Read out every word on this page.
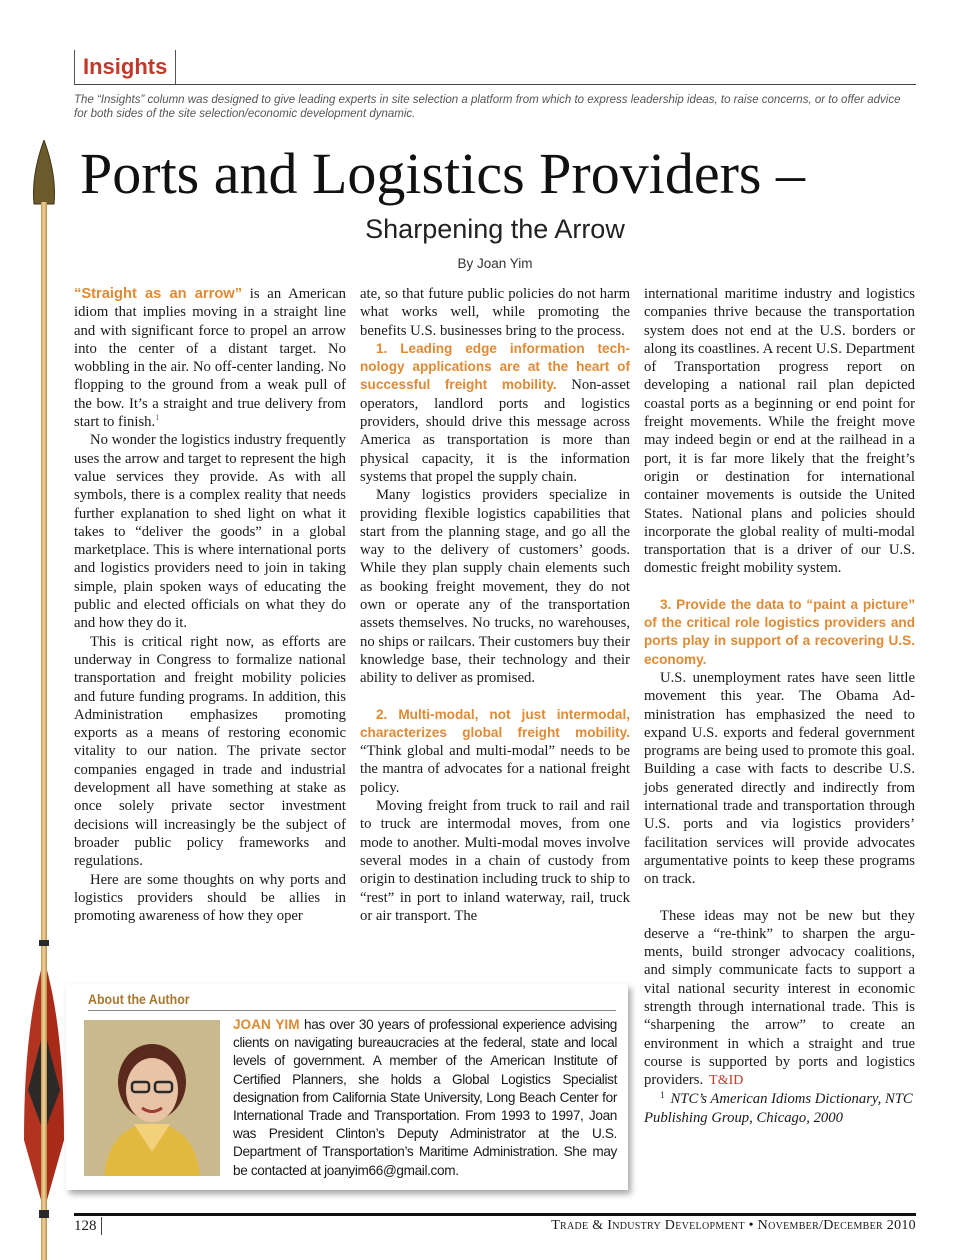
Insights

The “Insights” column was designed to give leading experts in site selection a platform from which to express leadership ideas, to raise concerns, or to offer advice for both sides of the site selection/economic development dynamic.

Ports and Logistics Providers –
Sharpening the Arrow

By Joan Yim

“Straight as an arrow” is an American idiom that implies moving in a straight line and with significant force to propel an arrow into the center of a distant target. No wobbling in the air. No off-center landing. No flopping to the ground from a weak pull of the bow. It’s a straight and true delivery from start to finish.$^1$

No wonder the logistics industry frequently uses the arrow and target to represent the high value services they provide. As with all symbols, there is a complex reality that needs further explanation to shed light on what it takes to “deliver the goods” in a global marketplace. This is where international ports and logistics providers need to join in taking simple, plain spoken ways of educating the public and elected officials on what they do and how they do it.

This is critical right now, as efforts are underway in Congress to formalize national transportation and freight mobility policies and future funding programs. In addition, this Administration emphasizes promoting exports as a means of restoring economic vitality to our nation. The private sector companies engaged in trade and industrial development all have something at stake as once solely private sector investment decisions will increasingly be the subject of broader public policy frameworks and regulations.

Here are some thoughts on why ports and logistics providers should be allies in promoting awareness of how they oper

ate, so that future public policies do not harm what works well, while promoting the benefits U.S. businesses bring to the process.

1. Leading edge information technology applications are at the heart of successful freight mobility. Non-asset operators, landlord ports and logistics providers, should drive this message across America as transportation is more than physical capacity, it is the information systems that propel the supply chain.

Many logistics providers specialize in providing flexible logistics capabilities that start from the planning stage, and go all the way to the delivery of customers’ goods. While they plan supply chain elements such as booking freight movement, they do not own or operate any of the transportation assets themselves. No trucks, no warehouses, no ships or railcars. Their customers buy their knowledge base, their technology and their ability to deliver as promised.

2. Multi-modal, not just intermodal, characterizes global freight mobility. “Think global and multi-modal” needs to be the mantra of advocates for a national freight policy.

Moving freight from truck to rail and rail to truck are intermodal moves, from one mode to another. Multi-modal moves involve several modes in a chain of custody from origin to destination including truck to ship to “rest” in port to inland waterway, rail, truck or air transport. The

international maritime industry and logistics companies thrive because the transportation system does not end at the U.S. borders or along its coastlines. A recent U.S. Department of Transportation progress report on developing a national rail plan depicted coastal ports as a beginning or end point for freight movements. While the freight move may indeed begin or end at the railhead in a port, it is far more likely that the freight’s origin or destination for international container movements is outside the United States. National plans and policies should incorporate the global reality of multi-modal transportation that is a driver of our U.S. domestic freight mobility system.

3. Provide the data to “paint a picture” of the critical role logistics providers and ports play in support of a recovering U.S. economy.

U.S. unemployment rates have seen little movement this year. The Obama Administration has emphasized the need to expand U.S. exports and federal government programs are being used to promote this goal. Building a case with facts to describe U.S. jobs generated directly and indirectly from international trade and transportation through U.S. ports and via logistics providers’ facilitation services will provide advocates argumentative points to keep these programs on track.

These ideas may not be new but they deserve a “re-think” to sharpen the arguments, build stronger advocacy coalitions, and simply communicate facts to support a vital national security interest in economic strength through international trade. This is “sharpening the arrow” to create an environment in which a straight and true course is supported by ports and logistics providers. T&ID

$^1$ NTC’s American Idioms Dictionary, NTC Publishing Group, Chicago, 2000

About the Author

JOAN YIM has over 30 years of professional experience advising clients on navigating bureaucracies at the federal, state and local levels of government. A member of the American Institute of Certified Planners, she holds a Global Logistics Specialist designation from California State University, Long Beach Center for International Trade and Transportation. From 1993 to 1997, Joan was President Clinton’s Deputy Administrator at the U.S. Department of Transportation’s Maritime Administration. She may be contacted at joanyim66@gmail.com.

128	Trade & Industry Development • November/December 2010
